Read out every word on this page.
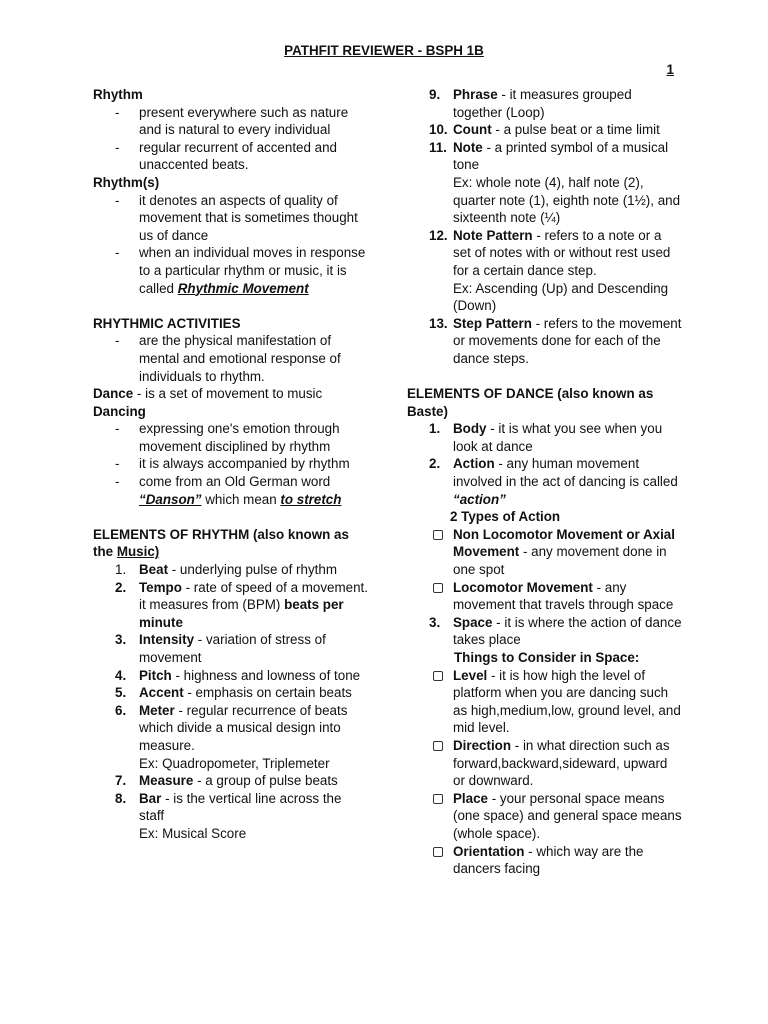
PATHFIT REVIEWER - BSPH 1B
1
Rhythm
-	present everywhere such as nature and is natural to every individual
-	regular recurrent of accented and unaccented beats.
Rhythm(s)
-	it denotes an aspects of quality of movement that is sometimes thought us of dance
-	when an individual moves in response to a particular rhythm or music, it is called Rhythmic Movement
RHYTHMIC ACTIVITIES
-	are the physical manifestation of mental and emotional response of individuals to rhythm.
Dance - is a set of movement to music
Dancing
-	expressing one's emotion through movement disciplined by rhythm
-	it is always accompanied by rhythm
-	come from an Old German word “Danson” which mean to stretch
ELEMENTS OF RHYTHM (also known as the Music)
1. Beat - underlying pulse of rhythm
2. Tempo - rate of speed of a movement. it measures from (BPM) beats per minute
3. Intensity - variation of stress of movement
4. Pitch - highness and lowness of tone
5. Accent - emphasis on certain beats
6. Meter - regular recurrence of beats which divide a musical design into measure.
Ex: Quadropometer, Triplemeter
7. Measure - a group of pulse beats
8. Bar - is the vertical line across the staff
Ex: Musical Score
9. Phrase - it measures grouped together (Loop)
10. Count - a pulse beat or a time limit
11. Note - a printed symbol of a musical tone
Ex: whole note (4), half note (2), quarter note (1), eighth note (1½), and sixteenth note (¼)
12. Note Pattern - refers to a note or a set of notes with or without rest used for a certain dance step.
Ex: Ascending (Up) and Descending (Down)
13. Step Pattern - refers to the movement or movements done for each of the dance steps.
ELEMENTS OF DANCE (also known as Baste)
1. Body - it is what you see when you look at dance
2. Action - any human movement involved in the act of dancing is called “action”
2 Types of Action
Non Locomotor Movement or Axial Movement - any movement done in one spot
Locomotor Movement - any movement that travels through space
3. Space - it is where the action of dance takes place
Things to Consider in Space:
Level - it is how high the level of platform when you are dancing such as high,medium,low, ground level, and mid level.
Direction - in what direction such as forward,backward,sideward, upward or downward.
Place - your personal space means (one space) and general space means (whole space).
Orientation - which way are the dancers facing
